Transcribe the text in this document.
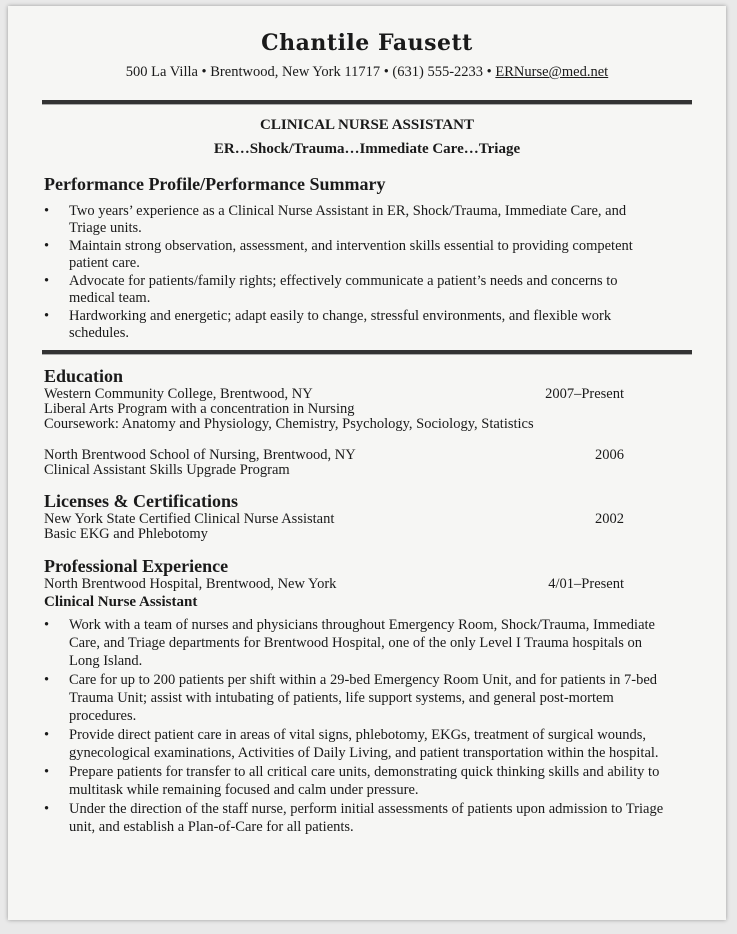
Chantile Fausett
500 La Villa • Brentwood, New York 11717 • (631) 555-2233 • ERNurse@med.net
CLINICAL NURSE ASSISTANT
ER…Shock/Trauma…Immediate Care…Triage
Performance Profile/Performance Summary
• Two years’ experience as a Clinical Nurse Assistant in ER, Shock/Trauma, Immediate Care, and Triage units.
• Maintain strong observation, assessment, and intervention skills essential to providing competent patient care.
• Advocate for patients/family rights; effectively communicate a patient’s needs and concerns to medical team.
• Hardworking and energetic; adapt easily to change, stressful environments, and flexible work schedules.
Education
Western Community College, Brentwood, NY	2007–Present
Liberal Arts Program with a concentration in Nursing
Coursework: Anatomy and Physiology, Chemistry, Psychology, Sociology, Statistics
North Brentwood School of Nursing, Brentwood, NY	2006
Clinical Assistant Skills Upgrade Program
Licenses & Certifications
New York State Certified Clinical Nurse Assistant	2002
Basic EKG and Phlebotomy
Professional Experience
North Brentwood Hospital, Brentwood, New York	4/01–Present
Clinical Nurse Assistant
• Work with a team of nurses and physicians throughout Emergency Room, Shock/Trauma, Immediate Care, and Triage departments for Brentwood Hospital, one of the only Level I Trauma hospitals on Long Island.
• Care for up to 200 patients per shift within a 29-bed Emergency Room Unit, and for patients in 7-bed Trauma Unit; assist with intubating of patients, life support systems, and general post-mortem procedures.
• Provide direct patient care in areas of vital signs, phlebotomy, EKGs, treatment of surgical wounds, gynecological examinations, Activities of Daily Living, and patient transportation within the hospital.
• Prepare patients for transfer to all critical care units, demonstrating quick thinking skills and ability to multitask while remaining focused and calm under pressure.
• Under the direction of the staff nurse, perform initial assessments of patients upon admission to Triage unit, and establish a Plan-of-Care for all patients.
